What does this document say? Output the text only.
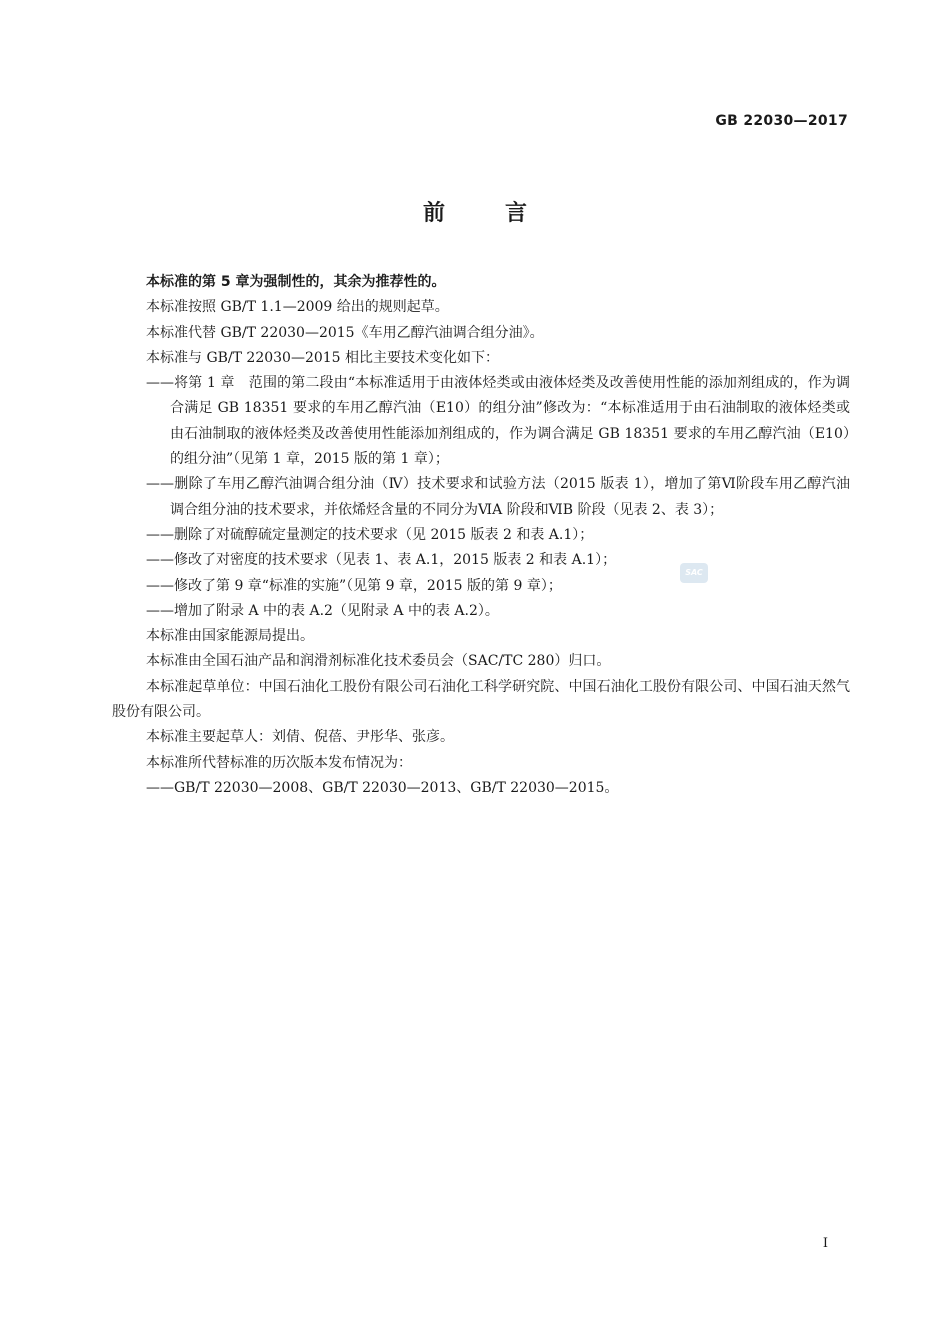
GB 22030—2017
前言

本标准的第 5 章为强制性的，其余为推荐性的。

本标准按照 GB/T 1.1—2009 给出的规则起草。

本标准代替 GB/T 22030—2015《车用乙醇汽油调合组分油》。

本标准与 GB/T 22030—2015 相比主要技术变化如下：

——将第 1 章　范围的第二段由“本标准适用于由液体烃类或由液体烃类及改善使用性能的添加剂组成的，作为调合满足 GB 18351 要求的车用乙醇汽油（E10）的组分油”修改为：“本标准适用于由石油制取的液体烃类或由石油制取的液体烃类及改善使用性能添加剂组成的，作为调合满足 GB 18351 要求的车用乙醇汽油（E10）的组分油”（见第 1 章，2015 版的第 1 章）；

——删除了车用乙醇汽油调合组分油（Ⅳ）技术要求和试验方法（2015 版表 1），增加了第Ⅵ阶段车用乙醇汽油调合组分油的技术要求，并依烯烃含量的不同分为ⅥA 阶段和ⅥB 阶段（见表 2、表 3）；

——删除了对硫醇硫定量测定的技术要求（见 2015 版表 2 和表 A.1）；

——修改了对密度的技术要求（见表 1、表 A.1，2015 版表 2 和表 A.1）；

——修改了第 9 章“标准的实施”（见第 9 章，2015 版的第 9 章）；

——增加了附录 A 中的表 A.2（见附录 A 中的表 A.2）。

本标准由国家能源局提出。

本标准由全国石油产品和润滑剂标准化技术委员会（SAC/TC 280）归口。

本标准起草单位：中国石油化工股份有限公司石油化工科学研究院、中国石油化工股份有限公司、中国石油天然气股份有限公司。

本标准主要起草人：刘倩、倪蓓、尹彤华、张彦。

本标准所代替标准的历次版本发布情况为：

——GB/T 22030—2008、GB/T 22030—2013、GB/T 22030—2015。

SAC
I
